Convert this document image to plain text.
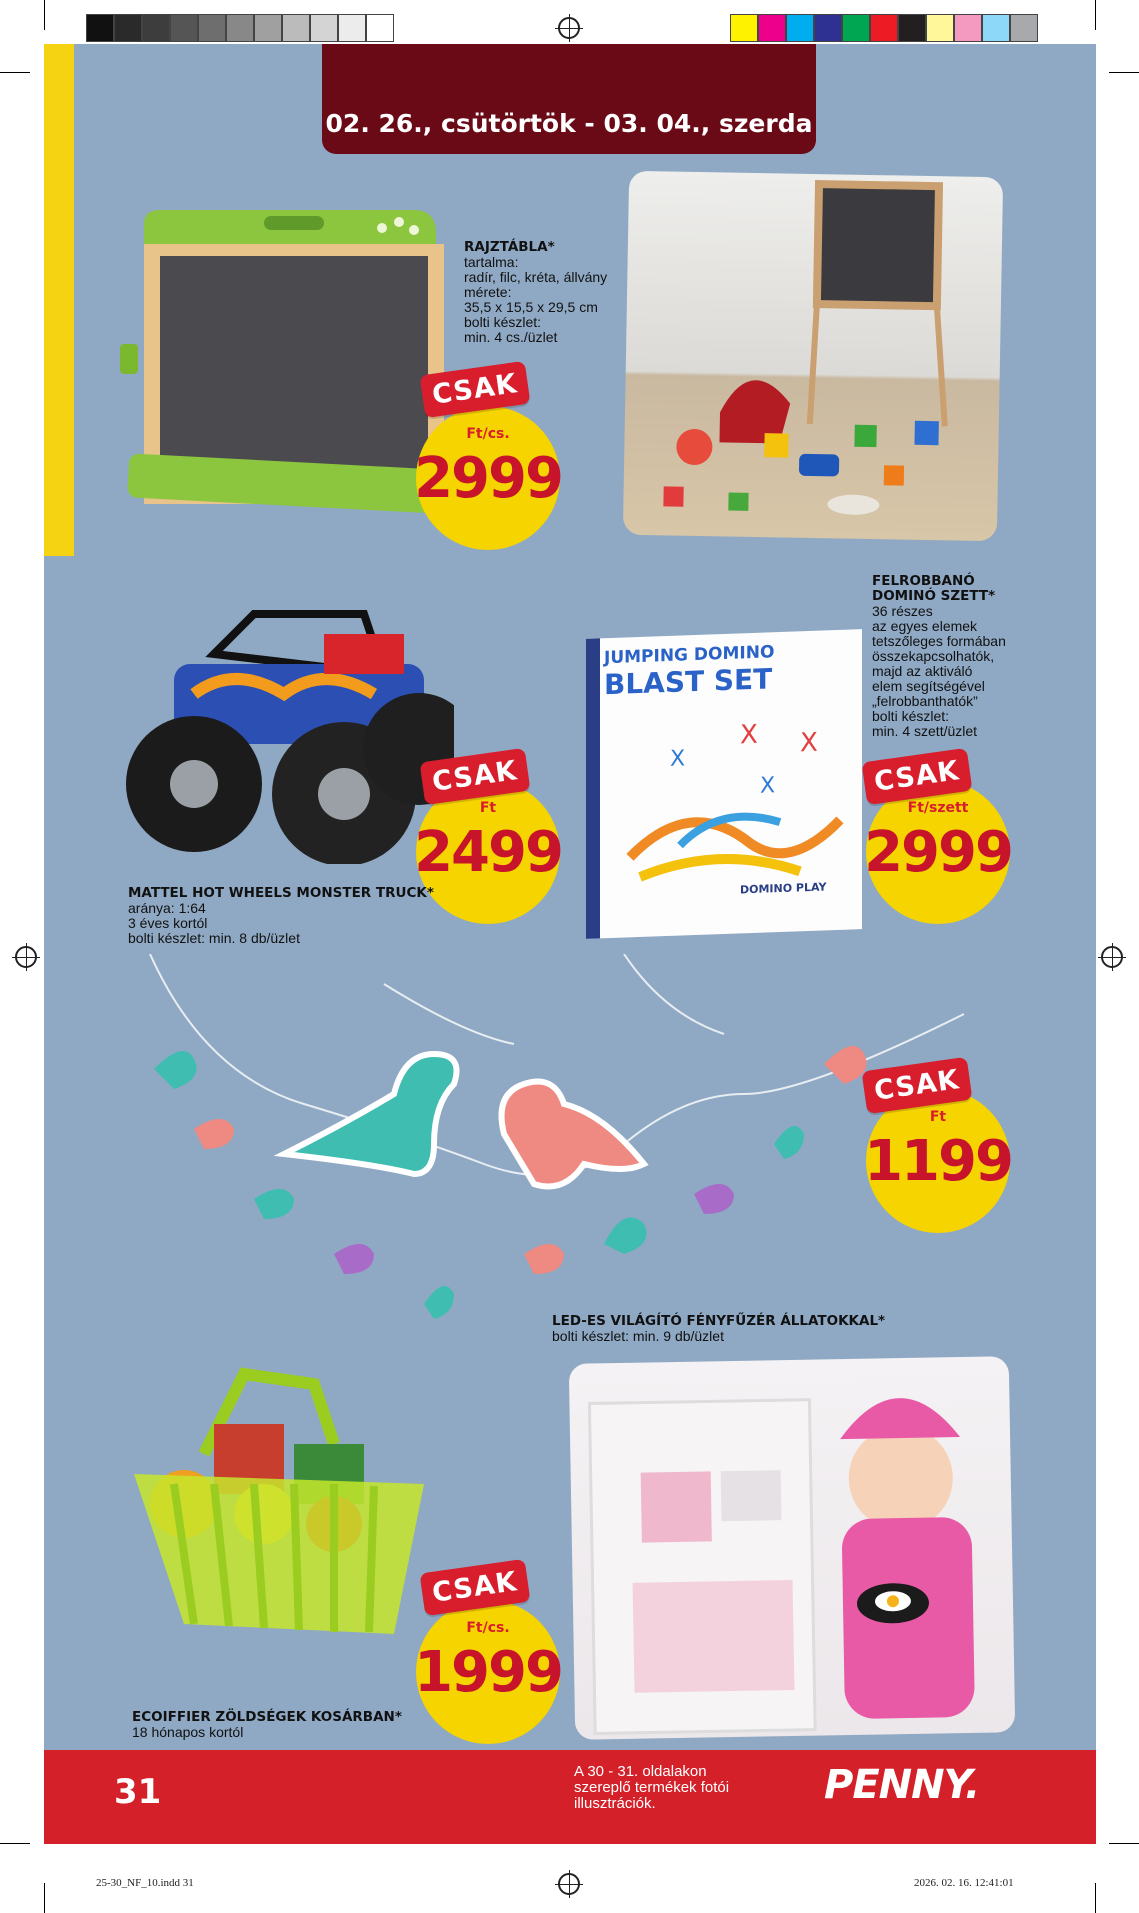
25-30_NF_10.indd 31	2026. 02. 16. 12:41:01
02. 26., csütörtök - 03. 04., szerda
RAJZTÁBLA*
tartalma:
radír, filc, kréta, állvány
mérete:
35,5 x 15,5 x 29,5 cm
bolti készlet:
min. 4 cs./üzlet
Ft/cs.
2999
CSAK
Ft
2499
CSAK
MATTEL HOT WHEELS MONSTER TRUCK*
aránya: 1:64
3 éves kortól
bolti készlet: min. 8 db/üzlet
JUMPING DOMINO
BLAST SET
X X
X
X
DOMINO PLAY
FELROBBANÓ
DOMINÓ SZETT*
36 részes
az egyes elemek
tetszőleges formában
összekapcsolhatók,
majd az aktiváló
elem segítségével
„felrobbanthatók”
bolti készlet:
min. 4 szett/üzlet
Ft/szett
2999
CSAK
Ft
1199
CSAK
LED-ES VILÁGÍTÓ FÉNYFŰZÉR ÁLLATOKKAL*
bolti készlet: min. 9 db/üzlet
Ft/cs.
1999
CSAK
ECOIFFIER ZÖLDSÉGEK KOSÁRBAN*
18 hónapos kortól
31
A 30 - 31. oldalakon
szereplő termékek fotói
illusztrációk.	PENNY.
